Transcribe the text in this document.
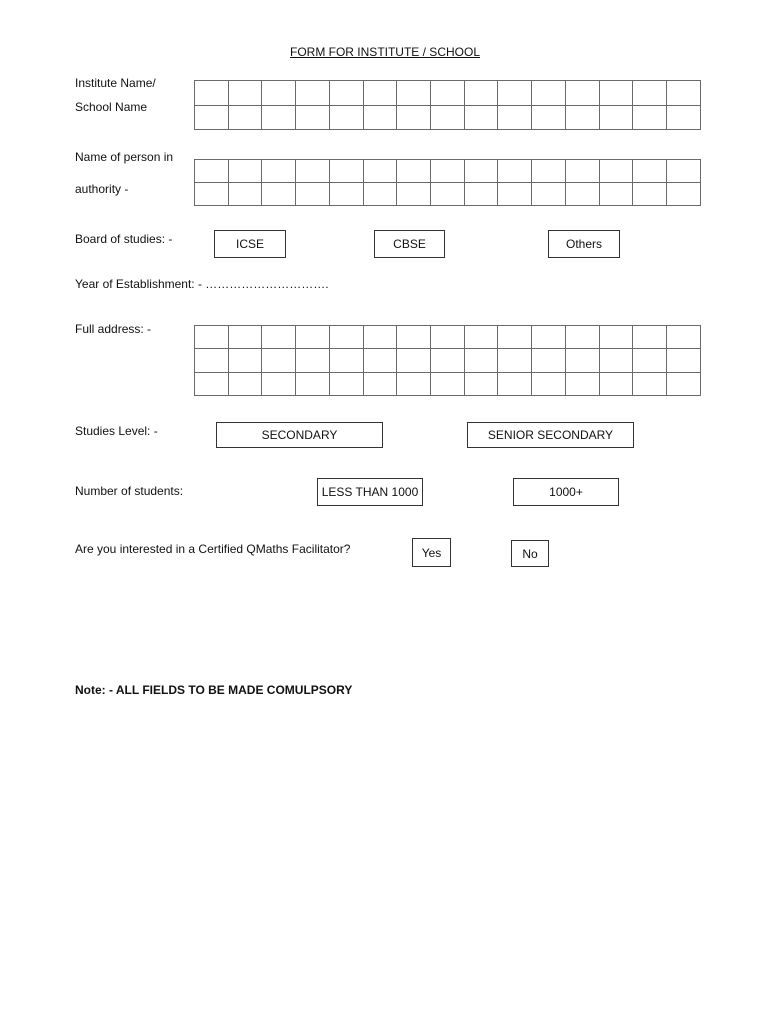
FORM FOR INSTITUTE / SCHOOL
Institute Name/
School Name

Name of person in
authority -

Board of studies: -	ICSE	CBSE	Others
Year of Establishment: - ………………………….
Full address: -

Studies Level: -	SECONDARY	SENIOR SECONDARY
Number of students:	LESS THAN 1000	1000+
Are you interested in a Certified QMaths Facilitator?	Yes	No
Note: - ALL FIELDS TO BE MADE COMULPSORY
